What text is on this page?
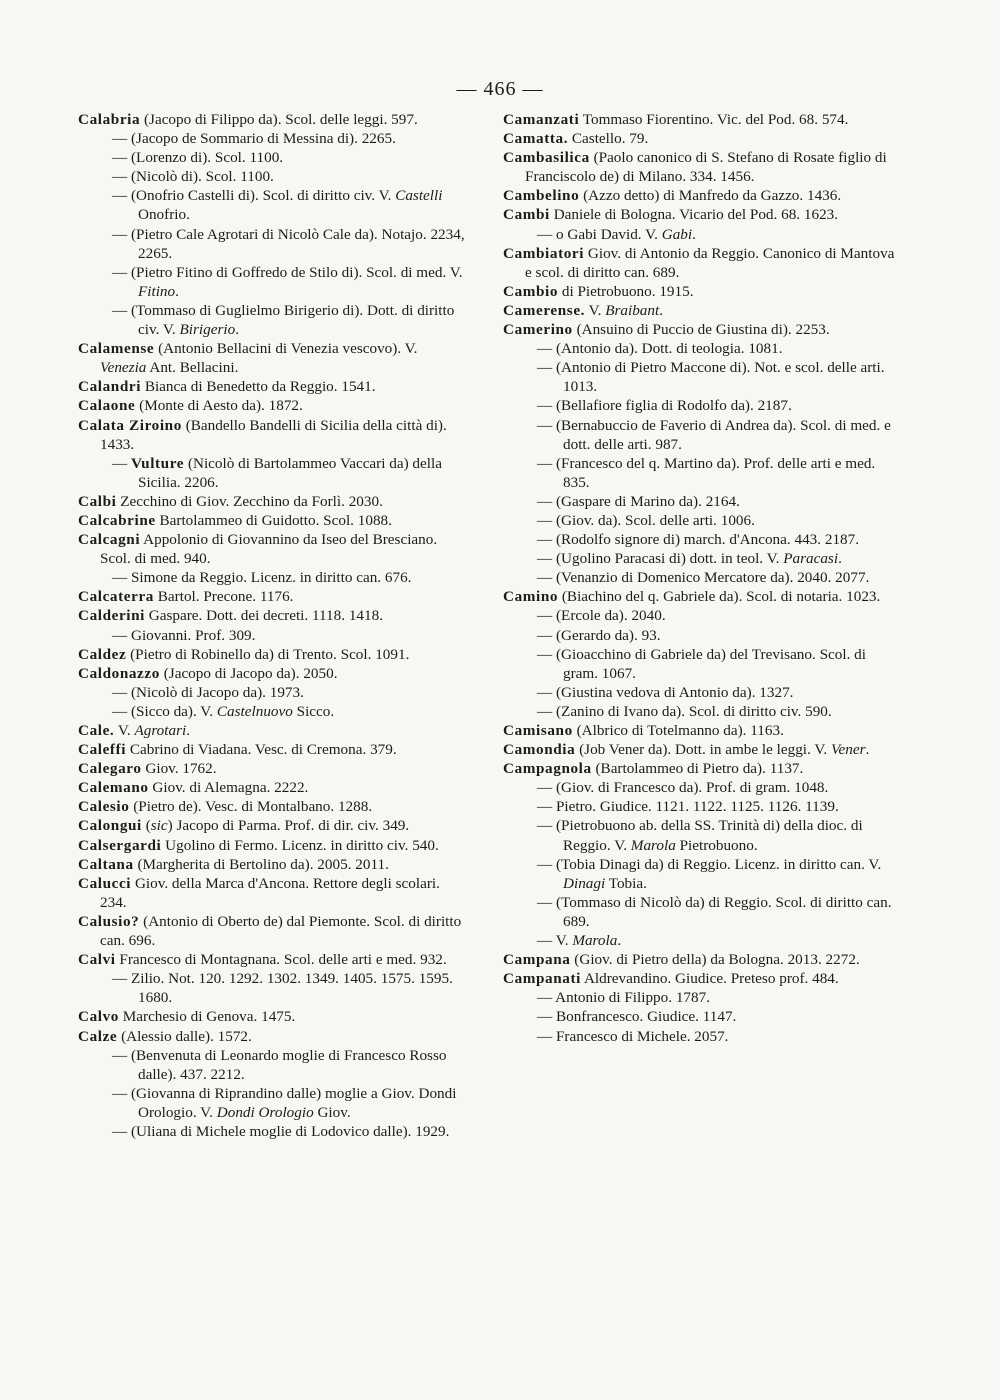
— 466 —
Calabria (Jacopo di Filippo da). Scol. delle leggi. 597.
— (Jacopo de Sommario di Messina di). 2265.
— (Lorenzo di). Scol. 1100.
— (Nicolò di). Scol. 1100.
— (Onofrio Castelli di). Scol. di diritto civ. V. Castelli Onofrio.
— (Pietro Cale Agrotari di Nicolò Cale da). Notajo. 2234, 2265.
— (Pietro Fitino di Goffredo de Stilo di). Scol. di med. V. Fitino.
— (Tommaso di Guglielmo Birigerio di). Dott. di diritto civ. V. Birigerio.
Calamense (Antonio Bellacini di Venezia vescovo). V. Venezia Ant. Bellacini.
Calandri Bianca di Benedetto da Reggio. 1541.
Calaone (Monte di Aesto da). 1872.
Calata Ziroino (Bandello Bandelli di Sicilia della città di). 1433.
— Vulture (Nicolò di Bartolammeo Vaccari da) della Sicilia. 2206.
Calbi Zecchino di Giov. Zecchino da Forlì. 2030.
Calcabrine Bartolammeo di Guidotto. Scol. 1088.
Calcagni Appolonio di Giovannino da Iseo del Bresciano. Scol. di med. 940.
— Simone da Reggio. Licenz. in diritto can. 676.
Calcaterra Bartol. Precone. 1176.
Calderini Gaspare. Dott. dei decreti. 1118. 1418.
— Giovanni. Prof. 309.
Caldez (Pietro di Robinello da) di Trento. Scol. 1091.
Caldonazzo (Jacopo di Jacopo da). 2050.
— (Nicolò di Jacopo da). 1973.
— (Sicco da). V. Castelnuovo Sicco.
Cale. V. Agrotari.
Caleffi Cabrino di Viadana. Vesc. di Cremona. 379.
Calegaro Giov. 1762.
Calemano Giov. di Alemagna. 2222.
Calesio (Pietro de). Vesc. di Montalbano. 1288.
Calongui (sic) Jacopo di Parma. Prof. di dir. civ. 349.
Calsergardi Ugolino di Fermo. Licenz. in diritto civ. 540.
Caltana (Margherita di Bertolino da). 2005. 2011.
Calucci Giov. della Marca d'Ancona. Rettore degli scolari. 234.
Calusio? (Antonio di Oberto de) dal Piemonte. Scol. di diritto can. 696.
Calvi Francesco di Montagnana. Scol. delle arti e med. 932.
— Zilio. Not. 120. 1292. 1302. 1349. 1405. 1575. 1595. 1680.
Calvo Marchesio di Genova. 1475.
Calze (Alessio dalle). 1572.
— (Benvenuta di Leonardo moglie di Francesco Rosso dalle). 437. 2212.
— (Giovanna di Riprandino dalle) moglie a Giov. Dondi Orologio. V. Dondi Orologio Giov.
— (Uliana di Michele moglie di Lodovico dalle). 1929.
Camanzati Tommaso Fiorentino. Vic. del Pod. 68. 574.
Camatta. Castello. 79.
Cambasilica (Paolo canonico di S. Stefano di Rosate figlio di Franciscolo de) di Milano. 334. 1456.
Cambelino (Azzo detto) di Manfredo da Gazzo. 1436.
Cambi Daniele di Bologna. Vicario del Pod. 68. 1623.
— o Gabi David. V. Gabi.
Cambiatori Giov. di Antonio da Reggio. Canonico di Mantova e scol. di diritto can. 689.
Cambio di Pietrobuono. 1915.
Camerense. V. Braibant.
Camerino (Ansuino di Puccio de Giustina di). 2253.
— (Antonio da). Dott. di teologia. 1081.
— (Antonio di Pietro Maccone di). Not. e scol. delle arti. 1013.
— (Bellafiore figlia di Rodolfo da). 2187.
— (Bernabuccio de Faverio di Andrea da). Scol. di med. e dott. delle arti. 987.
— (Francesco del q. Martino da). Prof. delle arti e med. 835.
— (Gaspare di Marino da). 2164.
— (Giov. da). Scol. delle arti. 1006.
— (Rodolfo signore di) march. d'Ancona. 443. 2187.
— (Ugolino Paracasi di) dott. in teol. V. Paracasi.
— (Venanzio di Domenico Mercatore da). 2040. 2077.
Camino (Biachino del q. Gabriele da). Scol. di notaria. 1023.
— (Ercole da). 2040.
— (Gerardo da). 93.
— (Gioacchino di Gabriele da) del Trevisano. Scol. di gram. 1067.
— (Giustina vedova di Antonio da). 1327.
— (Zanino di Ivano da). Scol. di diritto civ. 590.
Camisano (Albrico di Totelmanno da). 1163.
Camondia (Job Vener da). Dott. in ambe le leggi. V. Vener.
Campagnola (Bartolammeo di Pietro da). 1137.
— (Giov. di Francesco da). Prof. di gram. 1048.
— Pietro. Giudice. 1121. 1122. 1125. 1126. 1139.
— (Pietrobuono ab. della SS. Trinità di) della dioc. di Reggio. V. Marola Pietrobuono.
— (Tobia Dinagi da) di Reggio. Licenz. in diritto can. V. Dinagi Tobia.
— (Tommaso di Nicolò da) di Reggio. Scol. di diritto can. 689.
— V. Marola.
Campana (Giov. di Pietro della) da Bologna. 2013. 2272.
Campanati Aldrevandino. Giudice. Preteso prof. 484.
— Antonio di Filippo. 1787.
— Bonfrancesco. Giudice. 1147.
— Francesco di Michele. 2057.
